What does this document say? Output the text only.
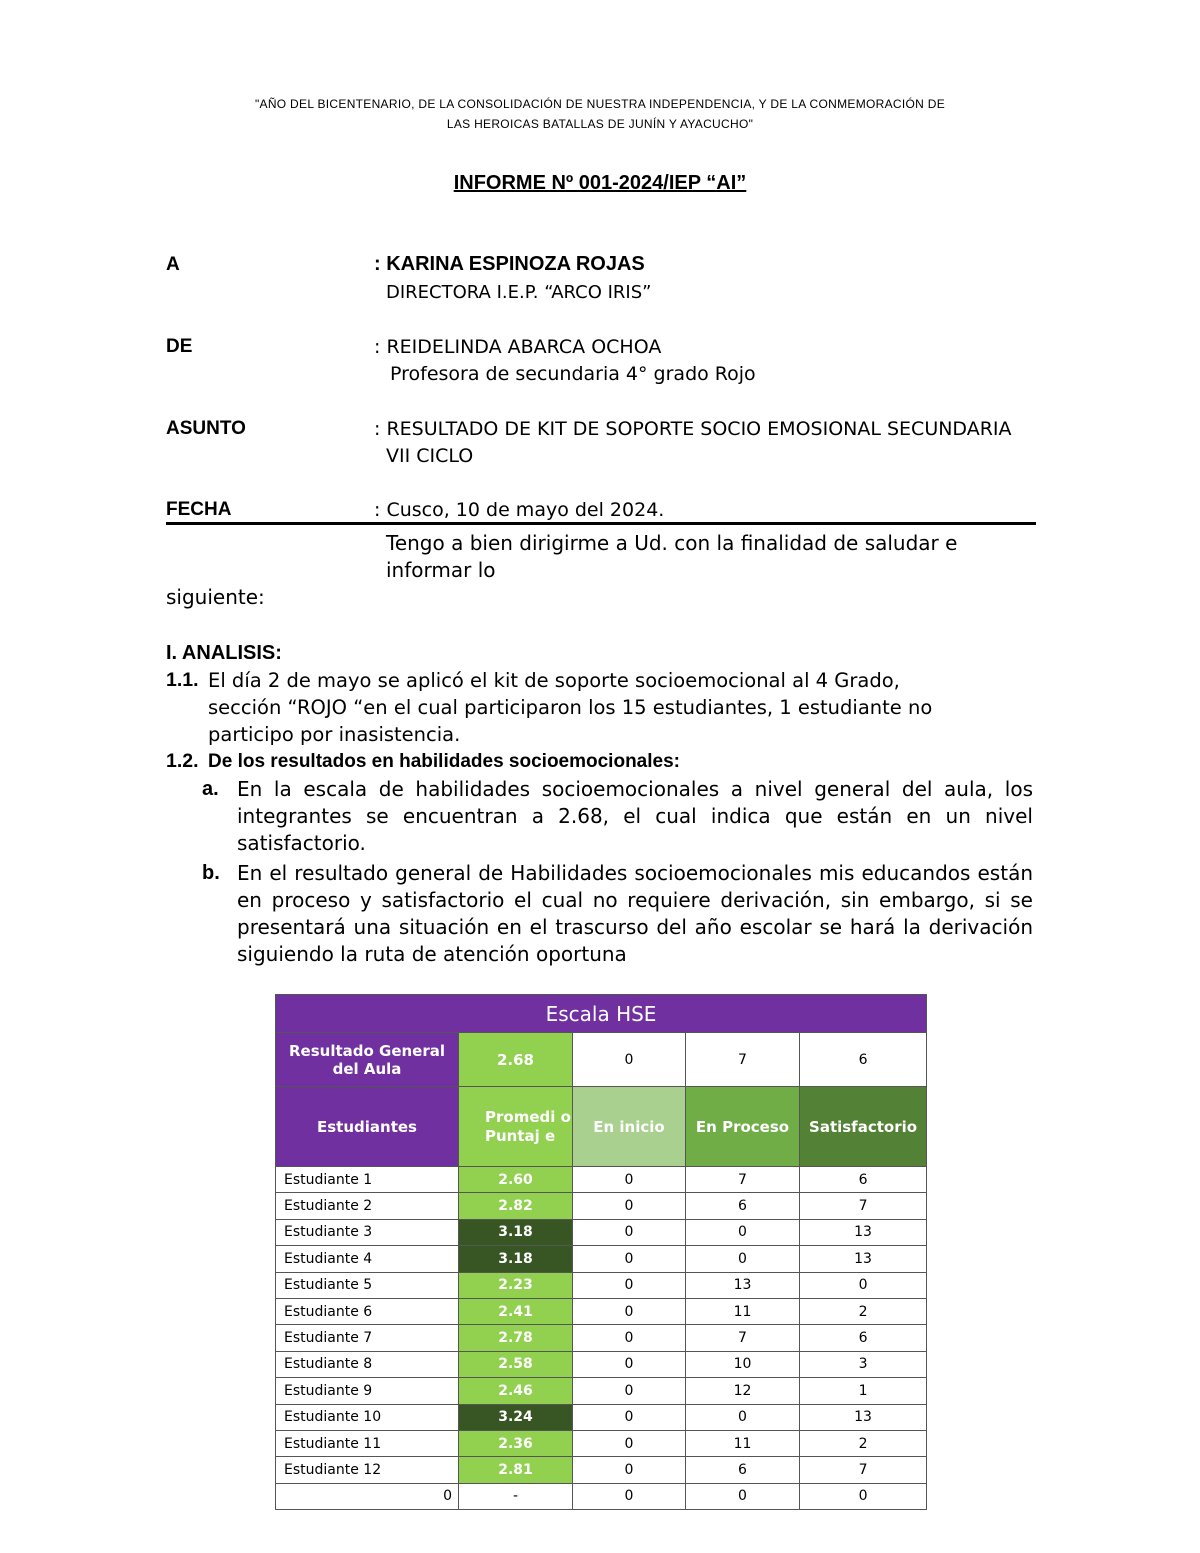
"AÑO DEL BICENTENARIO, DE LA CONSOLIDACIÓN DE NUESTRA INDEPENDENCIA, Y DE LA CONMEMORACIÓN DE
LAS HEROICAS BATALLAS DE JUNÍN Y AYACUCHO"
INFORME Nº 001-2024/IEP “AI”
A	: KARINA ESPINOZA ROJAS
DIRECTORA I.E.P. “ARCO IRIS”
DE	: REIDELINDA ABARCA OCHOA
Profesora de secundaria 4° grado Rojo
ASUNTO	: RESULTADO DE KIT DE SOPORTE SOCIO EMOSIONAL SECUNDARIA
VII CICLO
FECHA	: Cusco, 10 de mayo del 2024.
Tengo a bien dirigirme a Ud. con la finalidad de saludar e
informar lo
siguiente:
I. ANALISIS:
1.1. El día 2 de mayo se aplicó el kit de soporte socioemocional al 4 Grado,
sección “ROJO “en el cual participaron los 15 estudiantes, 1 estudiante no
participo por inasistencia.
1.2. De los resultados en habilidades socioemocionales:
a. En la escala de habilidades socioemocionales a nivel general del aula, los integrantes se encuentran a 2.68, el cual indica que están en un nivel satisfactorio.
b. En el resultado general de Habilidades socioemocionales mis educandos están en proceso y satisfactorio el cual no requiere derivación, sin embargo, si se presentará una situación en el trascurso del año escolar se hará la derivación siguiendo la ruta de atención oportuna
Escala HSE				
Resultado General del Aula	2.68	0	7	6
Estudiantes	Promedi o Puntaj e	En inicio	En Proceso	Satisfactorio
Estudiante 1	2.60	0	7	6
Estudiante 2	2.82	0	6	7
Estudiante 3	3.18	0	0	13
Estudiante 4	3.18	0	0	13
Estudiante 5	2.23	0	13	0
Estudiante 6	2.41	0	11	2
Estudiante 7	2.78	0	7	6
Estudiante 8	2.58	0	10	3
Estudiante 9	2.46	0	12	1
Estudiante 10	3.24	0	0	13
Estudiante 11	2.36	0	11	2
Estudiante 12	2.81	0	6	7
0	-	0	0	0
